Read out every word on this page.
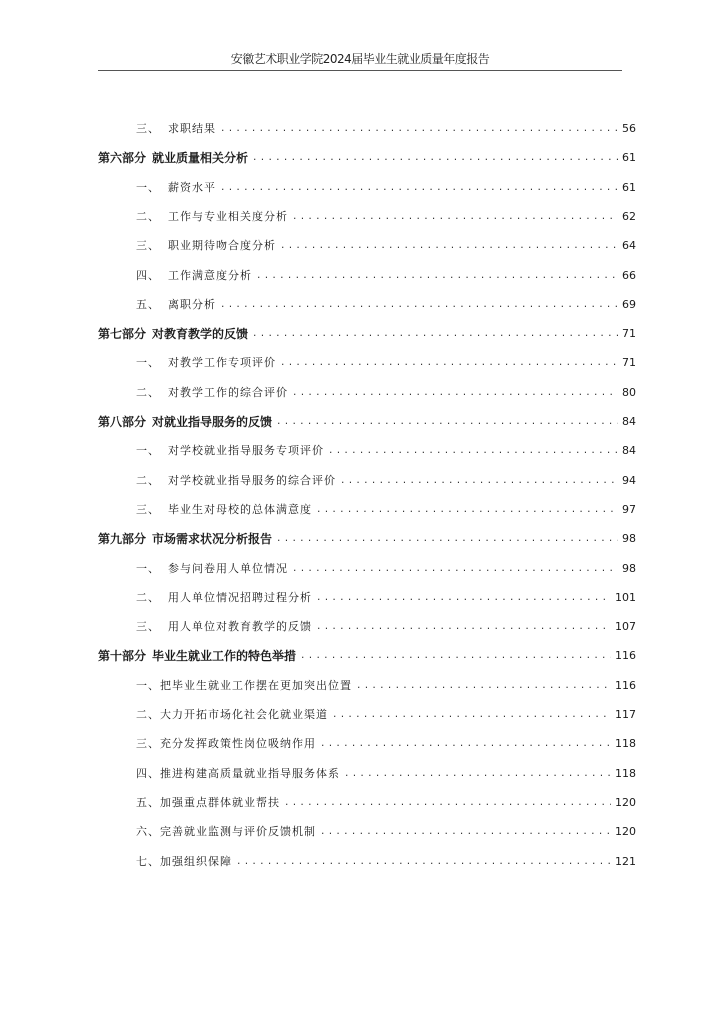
安徽艺术职业学院2024届毕业生就业质量年度报告
三、 求职结果 .....	56
第六部分 就业质量相关分析 .....	61
一、 薪资水平 .....	61
二、 工作与专业相关度分析 .....	62
三、 职业期待吻合度分析 .....	64
四、 工作满意度分析 .....	66
五、 离职分析 .....	69
第七部分 对教育教学的反馈 .....	71
一、 对教学工作专项评价 .....	71
二、 对教学工作的综合评价 .....	80
第八部分 对就业指导服务的反馈 .....	84
一、 对学校就业指导服务专项评价 .....	84
二、 对学校就业指导服务的综合评价 .....	94
三、 毕业生对母校的总体满意度 .....	97
第九部分 市场需求状况分析报告 .....	98
一、 参与问卷用人单位情况 .....	98
二、 用人单位情况招聘过程分析 .....	101
三、 用人单位对教育教学的反馈 .....	107
第十部分 毕业生就业工作的特色举措 .....	116
一、把毕业生就业工作摆在更加突出位置 .....	116
二、大力开拓市场化社会化就业渠道 .....	117
三、充分发挥政策性岗位吸纳作用 .....	118
四、推进构建高质量就业指导服务体系 .....	118
五、加强重点群体就业帮扶 .....	120
六、完善就业监测与评价反馈机制 .....	120
七、加强组织保障 .....	121
